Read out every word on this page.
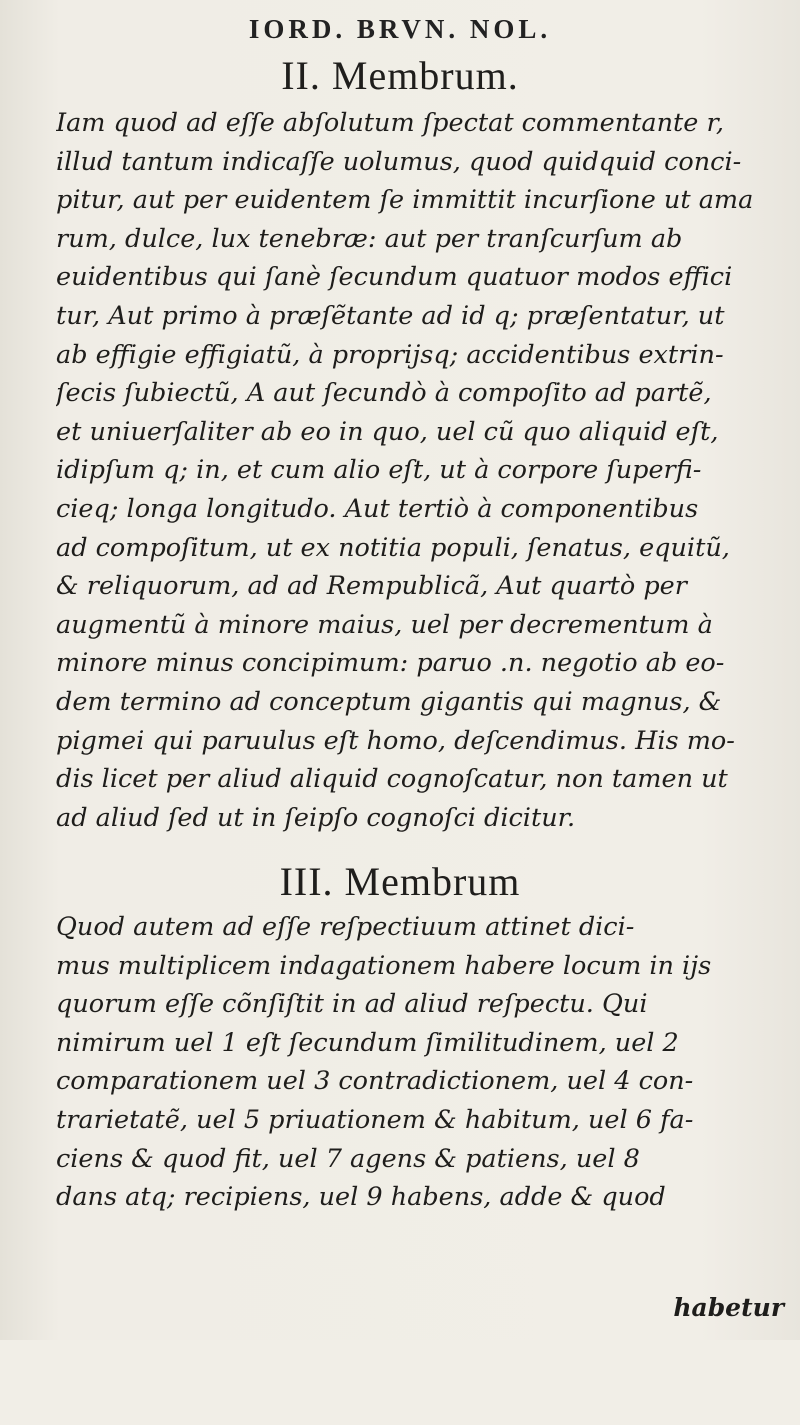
IORD. BRVN. NOL.
II. Membrum.
Iam quod ad eſſe abſolutum ſpectat commentante r,
illud tantum indicaſſe uolumus, quod quidquid conci-
pitur, aut per euidentem ſe immittit incurſione ut ama
rum, dulce, lux tenebræ: aut per tranſcurſum ab
euidentibus qui ſanè ſecundum quatuor modos effici
tur, Aut primo à præſẽtante ad id q; præſentatur, ut
ab effigie effigiatũ, à proprijsq; accidentibus extrin-
ſecis ſubiectũ, A aut ſecundò à compoſito ad partẽ,
et uniuerſaliter ab eo in quo, uel cũ quo aliquid eſt,
idipſum q; in, et cum alio eſt, ut à corpore ſuperfi-
cieq; longa longitudo. Aut tertiò à componentibus
ad compoſitum, ut ex notitia populi, ſenatus, equitũ,
& reliquorum, ad ad Rempublicã, Aut quartò per
augmentũ à minore maius, uel per decrementum à
minore minus concipimum: paruo .n. negotio ab eo-
dem termino ad conceptum gigantis qui magnus, &
pigmei qui paruulus eſt homo, deſcendimus. His mo-
dis licet per aliud aliquid cognoſcatur, non tamen ut
ad aliud ſed ut in ſeipſo cognoſci dicitur.
III. Membrum
Quod autem ad eſſe reſpectiuum attinet dici-
mus multiplicem indagationem habere locum in ijs
quorum eſſe cõnſiſtit in ad aliud reſpectu. Qui
nimirum uel 1 eſt ſecundum ſimilitudinem, uel 2
comparationem uel 3 contradictionem, uel 4 con-
trarietatẽ, uel 5 priuationem & habitum, uel 6 fa-
ciens & quod fit, uel 7 agens & patiens, uel 8
dans atq; recipiens, uel 9 habens, adde & quod
habetur
